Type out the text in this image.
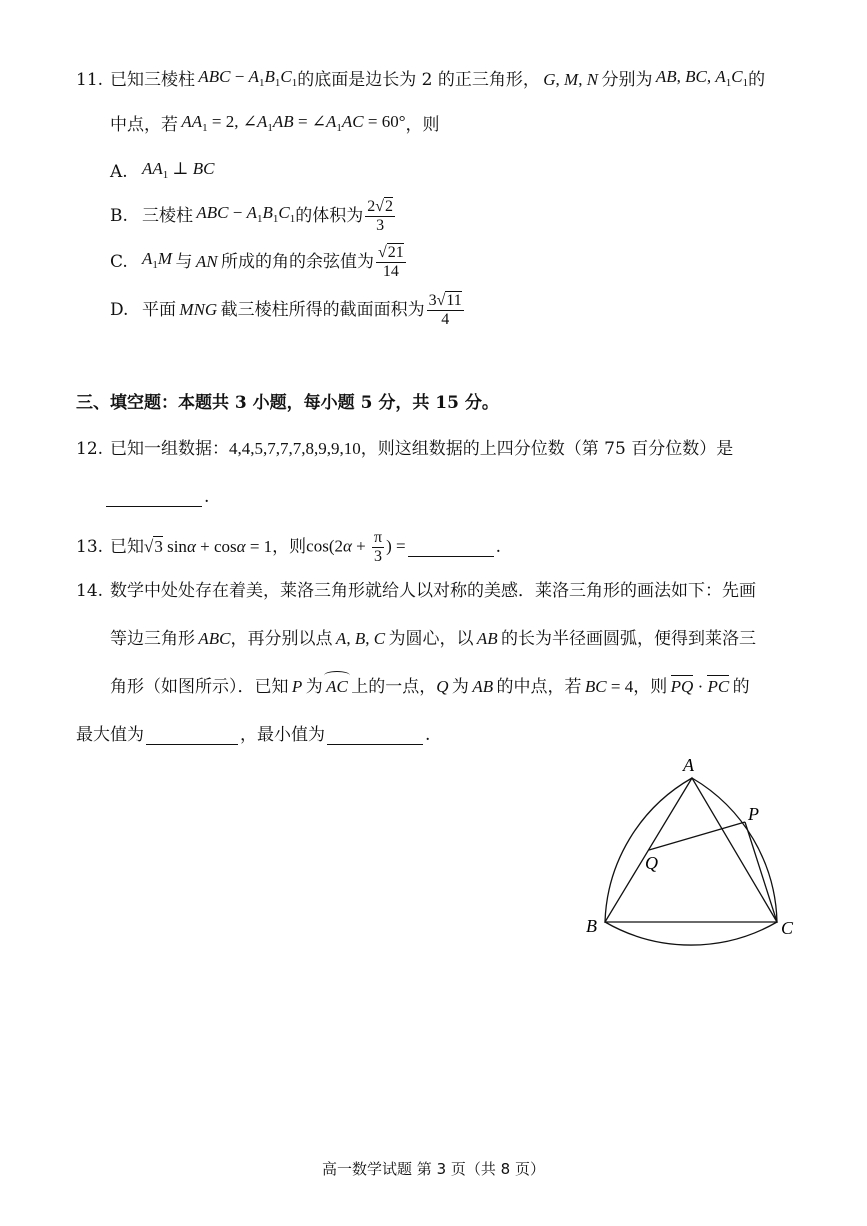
11. 已知三棱柱  ABC − $A_1B_1C_1$ 的底面是边长为 2 的正三角形，  G, M, N  分别为  AB, BC, $A_1C_1$ 的
中点，若  $AA_1 = 2$, $\angle A_1AB$ = $\angle A_1AC = 60^\circ$ ，则
A. $AA_1$ ⊥ BC
B. 三棱柱  ABC − $A_1B_1C_1$ 的体积为 $\frac{2√2}{3}$
C. $A_1M$  与  AN  所成的角的余弦值为 $\frac{√21}{14}$
D. 平面  MNG  截三棱柱所得的截面面积为 $\frac{3√11}{4}$
三、填空题：本题共 3 小题，每小题 5 分，共 15 分。
12. 已知一组数据： 4,4,5,7,7,7,8,9,9,10 ，则这组数据的上四分位数（第 75 百分位数）是
.
13. 已知 √3 sinα + cosα = 1 ，则 $\cos(2\alpha + \frac{\pi}{3}$ ) =	.
14. 数学中处处存在着美，莱洛三角形就给人以对称的美感．莱洛三角形的画法如下：先画
等边三角形  ABC ，再分别以点  A, B, C  为圆心，以  AB  的长为半径画圆弧，便得到莱洛三
角形（如图所示）．已知  P  为  AC  上的一点， Q  为  AB  的中点，若  BC = 4 ，则
  PQ · PC  的
最大值为	，最小值为	.
A
B	C
P
Q
高一数学试题 第 3 页（共 8 页）
